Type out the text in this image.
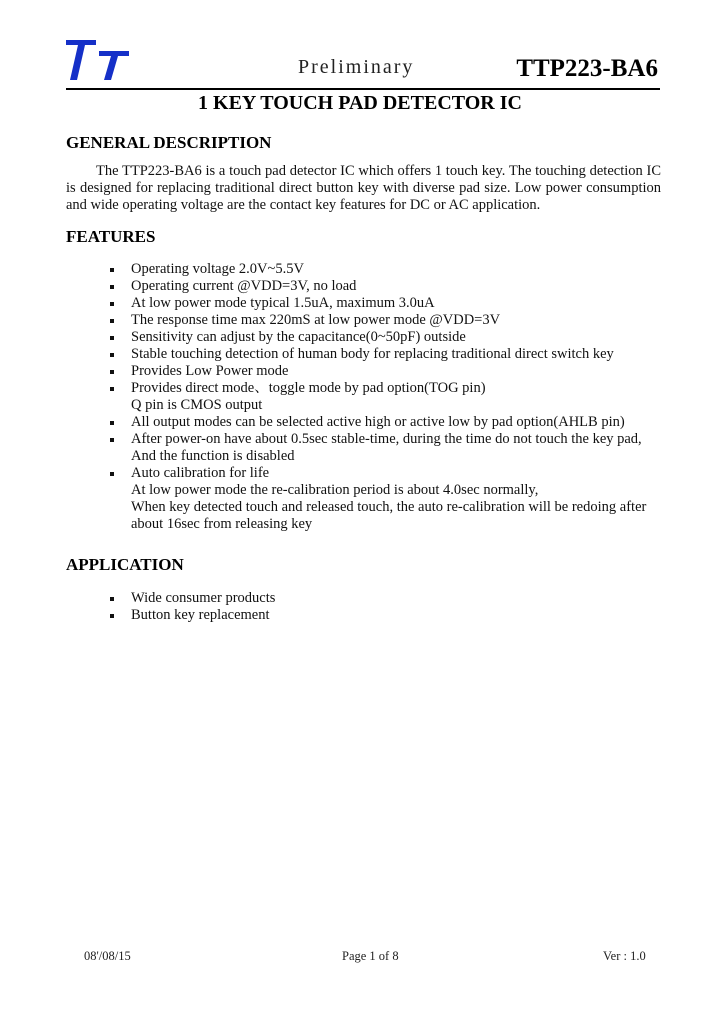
Preliminary	TTP223-BA6
1 KEY TOUCH PAD DETECTOR IC
GENERAL DESCRIPTION

The TTP223-BA6 is a touch pad detector IC which offers 1 touch key. The touching detection IC is designed for replacing traditional direct button key with diverse pad size. Low power consumption and wide operating voltage are the contact key features for DC or AC application.

FEATURES
Operating voltage 2.0V~5.5V
Operating current @VDD=3V, no load
At low power mode typical 1.5uA, maximum 3.0uA
The response time max 220mS at low power mode @VDD=3V
Sensitivity can adjust by the capacitance(0~50pF) outside
Stable touching detection of human body for replacing traditional direct switch key
Provides Low Power mode
Provides direct mode、toggle mode by pad option(TOG pin)
Q pin is CMOS output
All output modes can be selected active high or active low by pad option(AHLB pin)
After power-on have about 0.5sec stable-time, during the time do not touch the key pad,
And the function is disabled
Auto calibration for life
At low power mode the re-calibration period is about 4.0sec normally,
When key detected touch and released touch, the auto re-calibration will be redoing after
about 16sec from releasing key
APPLICATION
Wide consumer products
Button key replacement
08'/08/15	Page 1 of 8	Ver : 1.0
